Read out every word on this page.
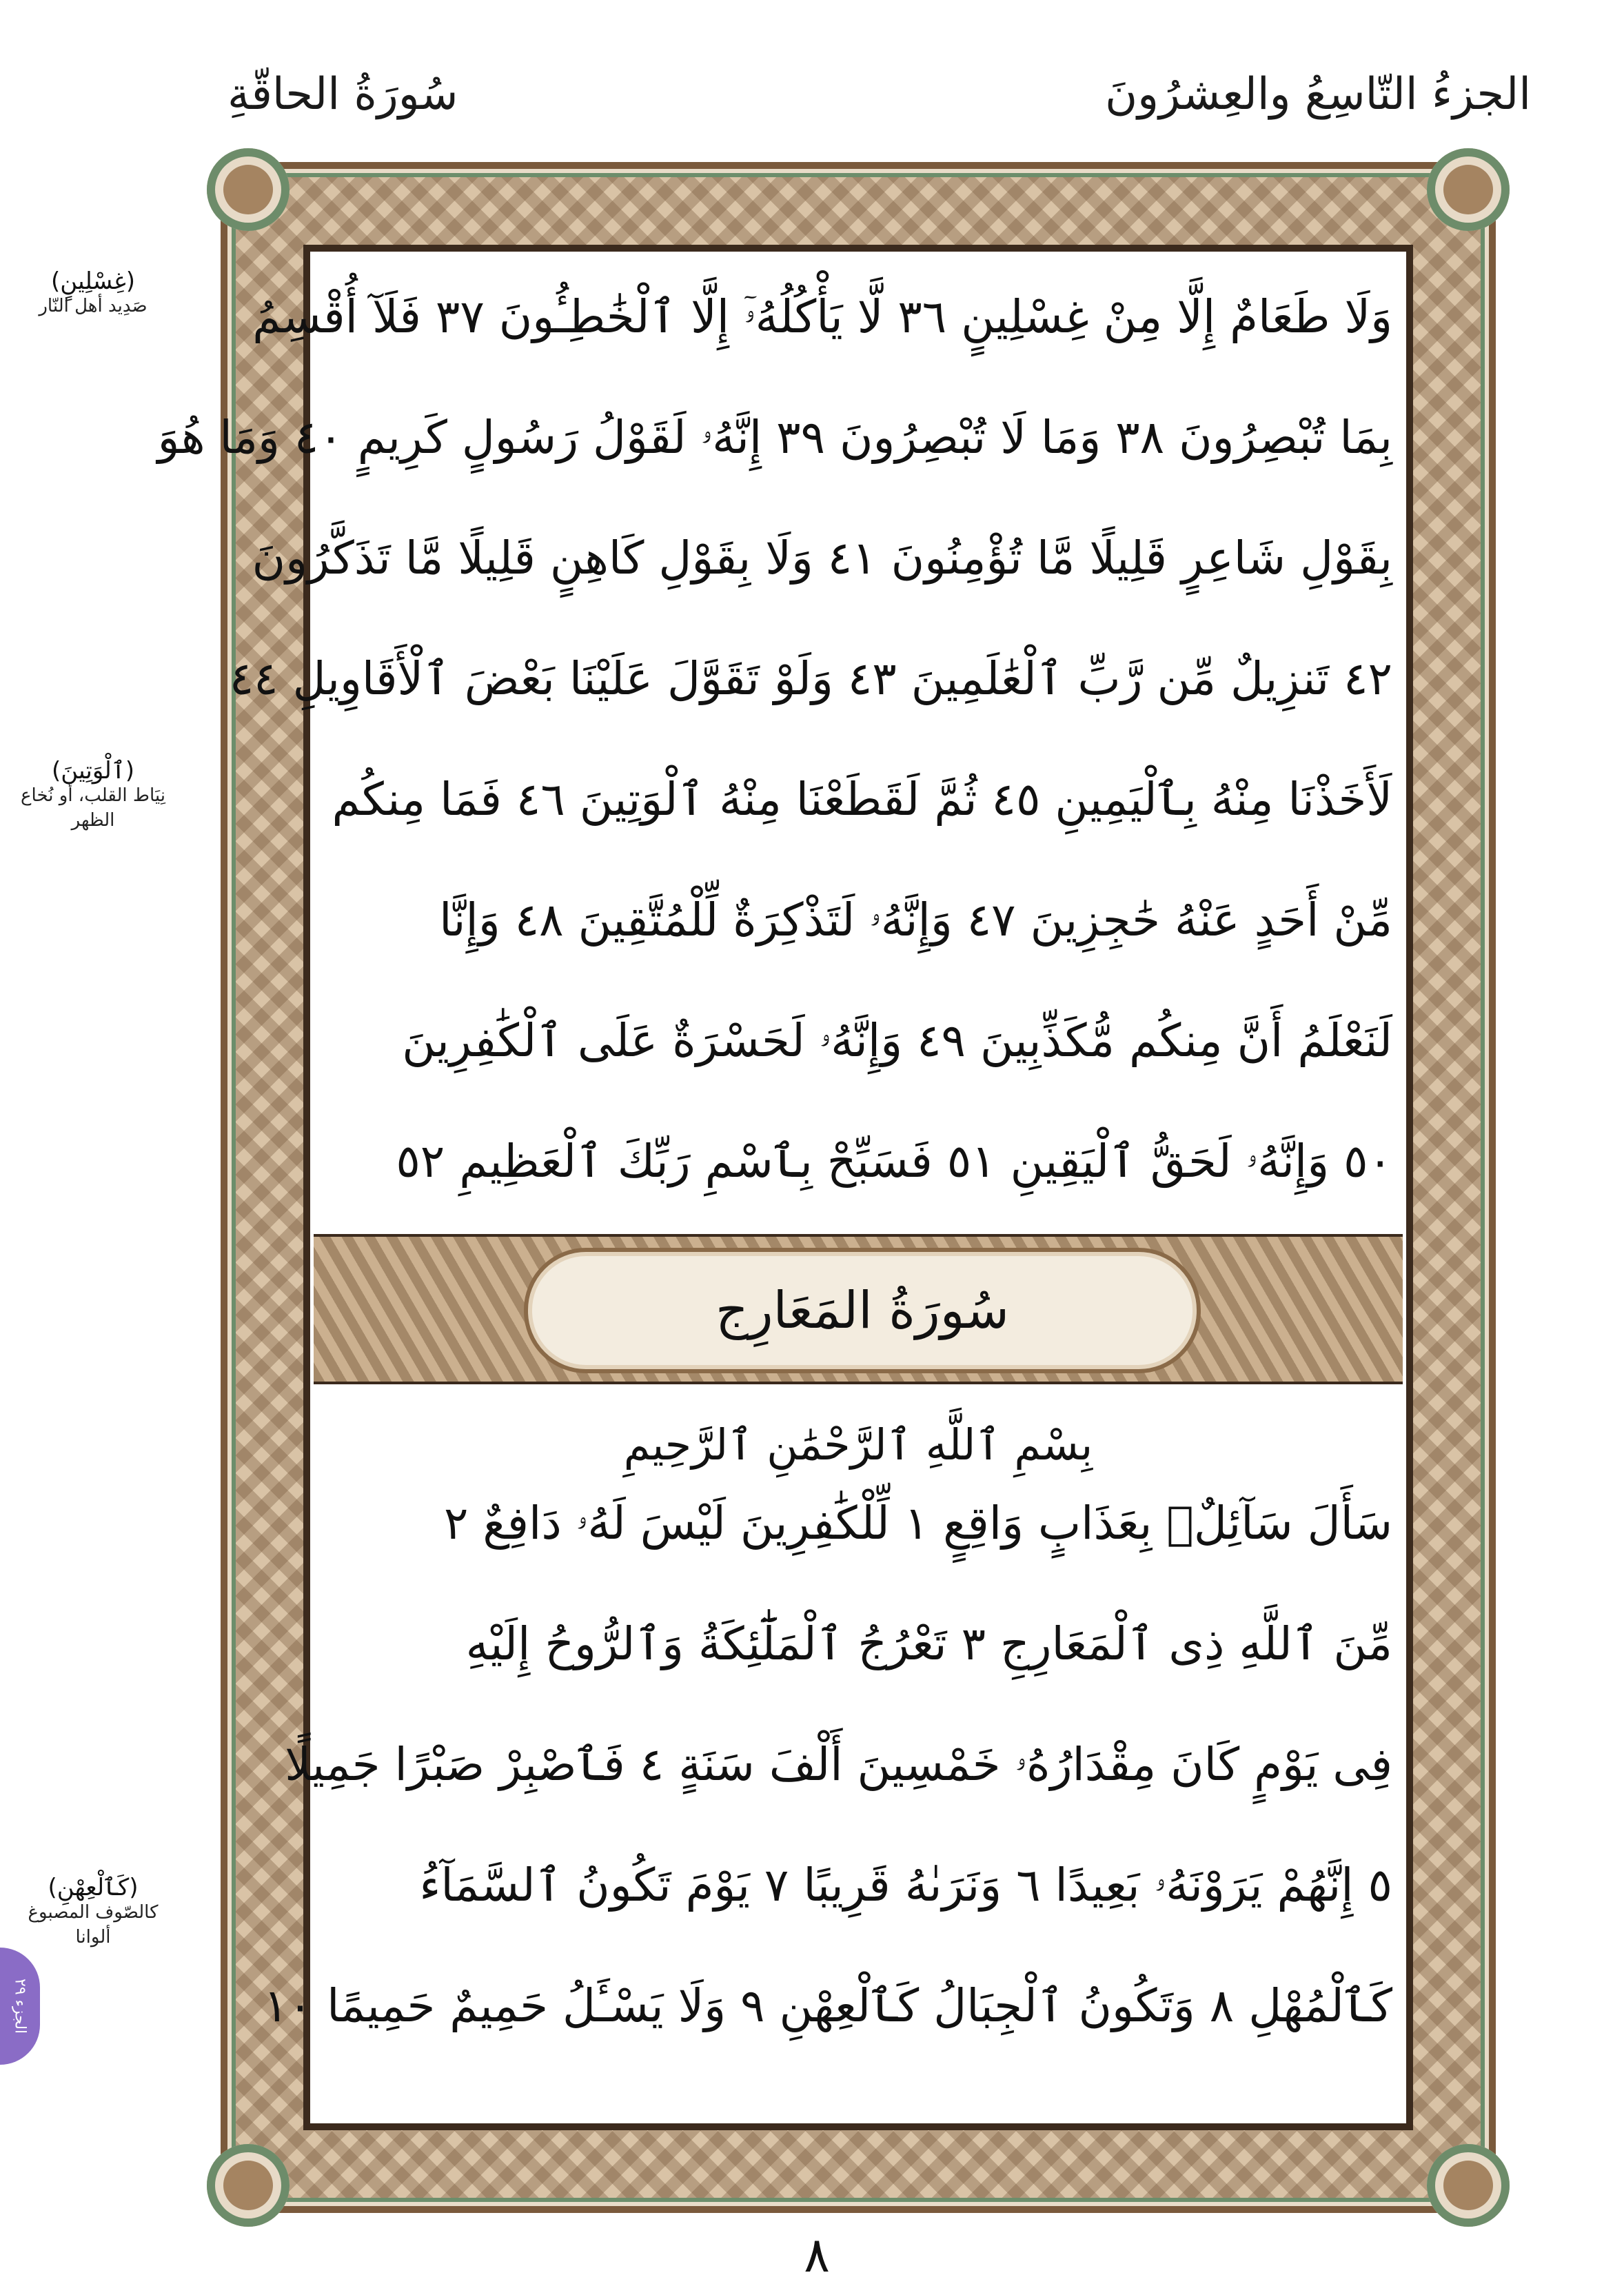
سُورَةُ الحاقّةِ	الجزءُ التّاسِعُ والعِشرُونَ
وَلَا طَعَامٌ إِلَّا مِنْ غِسْلِينٍ ٣٦ لَّا يَأْكُلُهُۥٓ إِلَّا ٱلْخَٰطِـُٔونَ ٣٧ فَلَآ أُقْسِمُ
بِمَا تُبْصِرُونَ ٣٨ وَمَا لَا تُبْصِرُونَ ٣٩ إِنَّهُۥ لَقَوْلُ رَسُولٍ كَرِيمٍ ٤٠ وَمَا هُوَ
بِقَوْلِ شَاعِرٍ قَلِيلًا مَّا تُؤْمِنُونَ ٤١ وَلَا بِقَوْلِ كَاهِنٍ قَلِيلًا مَّا تَذَكَّرُونَ
٤٢ تَنزِيلٌ مِّن رَّبِّ ٱلْعَٰلَمِينَ ٤٣ وَلَوْ تَقَوَّلَ عَلَيْنَا بَعْضَ ٱلْأَقَاوِيلِ ٤٤
لَأَخَذْنَا مِنْهُ بِٱلْيَمِينِ ٤٥ ثُمَّ لَقَطَعْنَا مِنْهُ ٱلْوَتِينَ ٤٦ فَمَا مِنكُم
مِّنْ أَحَدٍ عَنْهُ حَٰجِزِينَ ٤٧ وَإِنَّهُۥ لَتَذْكِرَةٌ لِّلْمُتَّقِينَ ٤٨ وَإِنَّا
لَنَعْلَمُ أَنَّ مِنكُم مُّكَذِّبِينَ ٤٩ وَإِنَّهُۥ لَحَسْرَةٌ عَلَى ٱلْكَٰفِرِينَ
٥٠ وَإِنَّهُۥ لَحَقُّ ٱلْيَقِينِ ٥١ فَسَبِّحْ بِٱسْمِ رَبِّكَ ٱلْعَظِيمِ ٥٢
سُورَةُ المَعَارِج
بِسْمِ ٱللَّهِ ٱلرَّحْمَٰنِ ٱلرَّحِيمِ
سَأَلَ سَآئِلٌۢ بِعَذَابٍ وَاقِعٍ ١ لِّلْكَٰفِرِينَ لَيْسَ لَهُۥ دَافِعٌ ٢
مِّنَ ٱللَّهِ ذِى ٱلْمَعَارِجِ ٣ تَعْرُجُ ٱلْمَلَٰٓئِكَةُ وَٱلرُّوحُ إِلَيْهِ
فِى يَوْمٍ كَانَ مِقْدَارُهُۥ خَمْسِينَ أَلْفَ سَنَةٍ ٤ فَٱصْبِرْ صَبْرًا جَمِيلًا
٥ إِنَّهُمْ يَرَوْنَهُۥ بَعِيدًا ٦ وَنَرَىٰهُ قَرِيبًا ٧ يَوْمَ تَكُونُ ٱلسَّمَآءُ
كَٱلْمُهْلِ ٨ وَتَكُونُ ٱلْجِبَالُ كَٱلْعِهْنِ ٩ وَلَا يَسْـَٔلُ حَمِيمٌ حَمِيمًا ١٠
(غِسْلِينٍ)
صَدِيد أهل النّار
(ٱلْوَتِينَ)
نِيَاط القلب، أو نُخاع الظهر
(كَٱلْعِهْنِ)
كالصّوف المصبوغ ألوانا
الجزء ٢٩
٨
